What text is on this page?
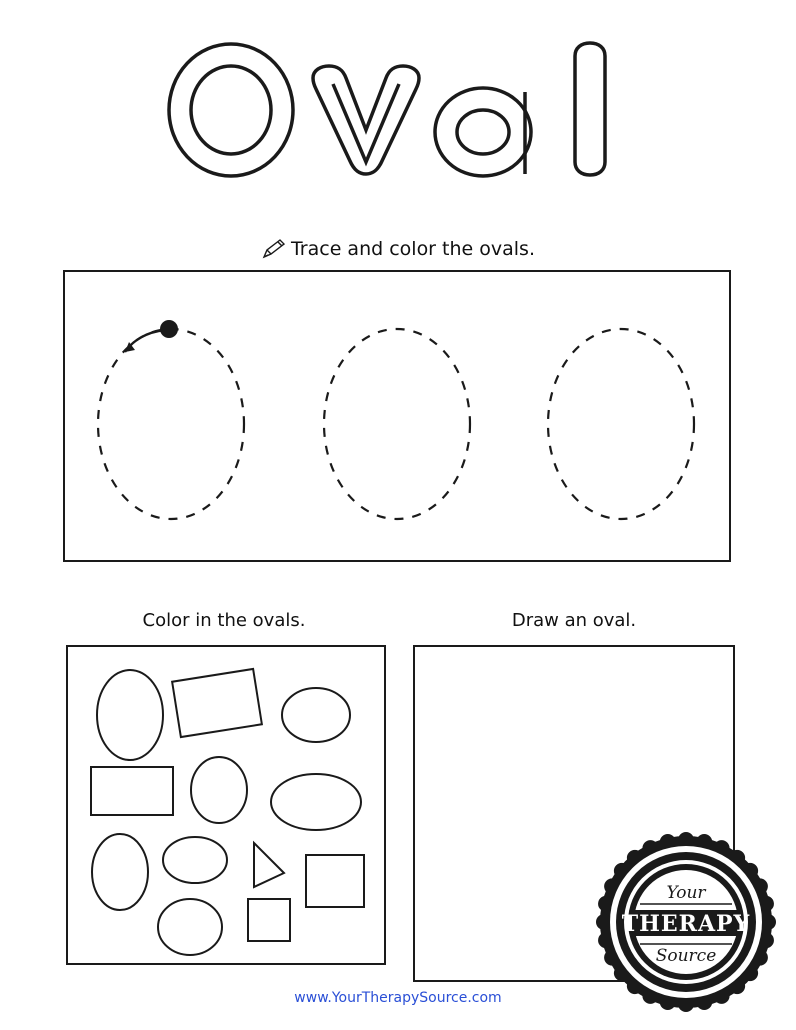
Trace and color the ovals.
Color in the ovals.	Draw an oval.
Your
THERAPY
Source
www.YourTherapySource.com
